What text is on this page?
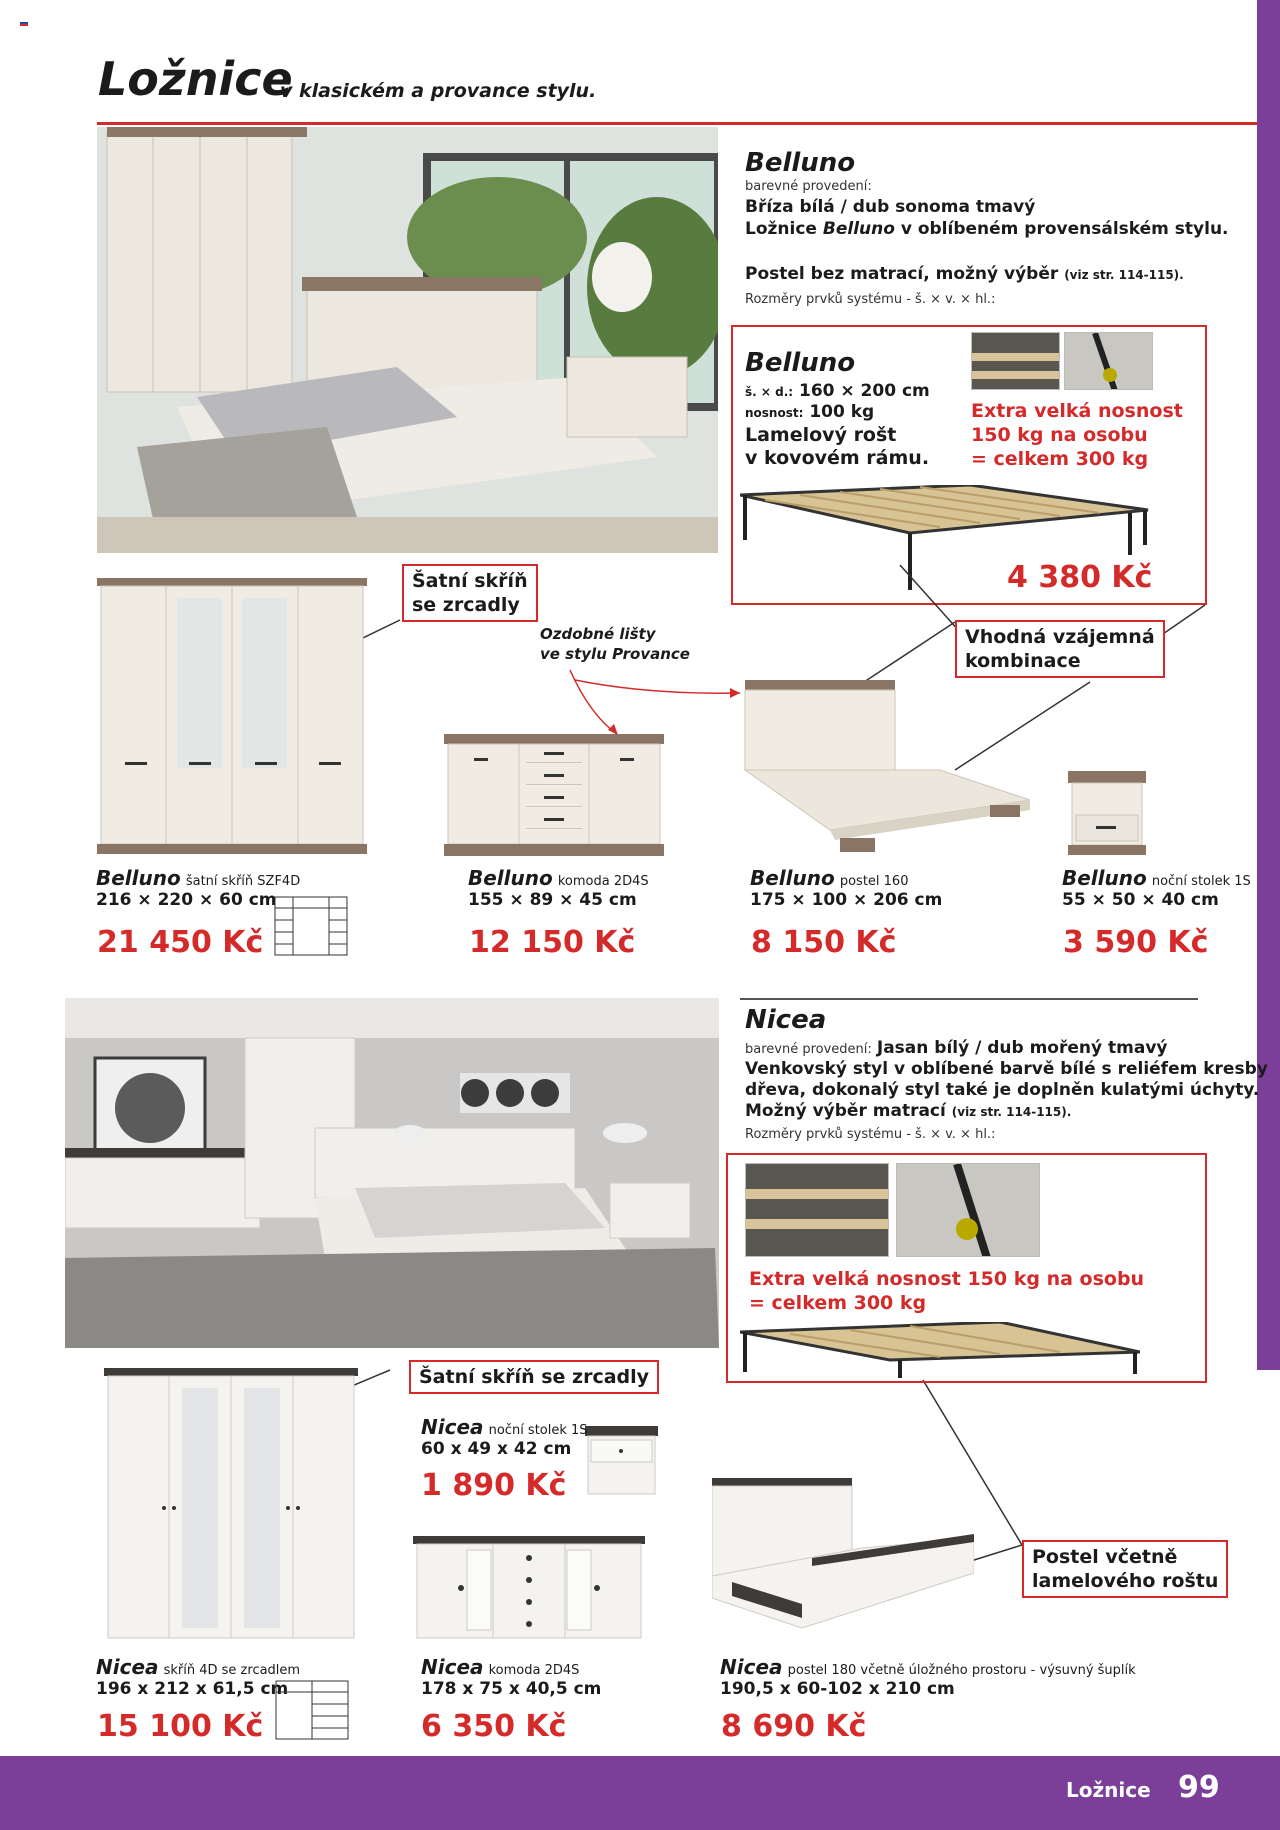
Ložnice
v klasickém a provance stylu.
Belluno
barevné provedení:
Bříza bílá / dub sonoma tmavý
Ložnice Belluno v oblíbeném provensálském stylu.
Postel bez matrací, možný výběr (viz str. 114-115).
Rozměry prvků systému - š. × v. × hl.:
Belluno
š. × d.: 160 × 200 cm
nosnost: 100 kg
Lamelový rošt
v kovovém rámu.
Extra velká nosnost
150 kg na osobu
= celkem 300 kg
4 380 Kč
Šatní skříň
se zrcadly
Ozdobné lišty
ve stylu Provance
Vhodná vzájemná
kombinace
Belluno šatní skříň SZF4D
216 × 220 × 60 cm
21 450 Kč
Belluno komoda 2D4S
155 × 89 × 45 cm
12 150 Kč
Belluno postel 160
175 × 100 × 206 cm
8 150 Kč
Belluno noční stolek 1S
55 × 50 × 40 cm
3 590 Kč
Nicea
barevné provedení: Jasan bílý / dub mořený tmavý
Venkovský styl v oblíbené barvě bílé s reliéfem kresby
dřeva, dokonalý styl také je doplněn kulatými úchyty.
Možný výběr matrací (viz str. 114-115).
Rozměry prvků systému - š. × v. × hl.:
Extra velká nosnost 150 kg na osobu
= celkem 300 kg
Šatní skříň se zrcadly
Postel včetně
lamelového roštu
Nicea noční stolek 1S
60 x 49 x 42 cm
1 890 Kč
Nicea skříň 4D se zrcadlem
196 x 212 x 61,5 cm
15 100 Kč
Nicea komoda 2D4S
178 x 75 x 40,5 cm
6 350 Kč
Nicea postel 180 včetně úložného prostoru - výsuvný šuplík
190,5 x 60-102 x 210 cm
8 690 Kč
Ložnice 99
